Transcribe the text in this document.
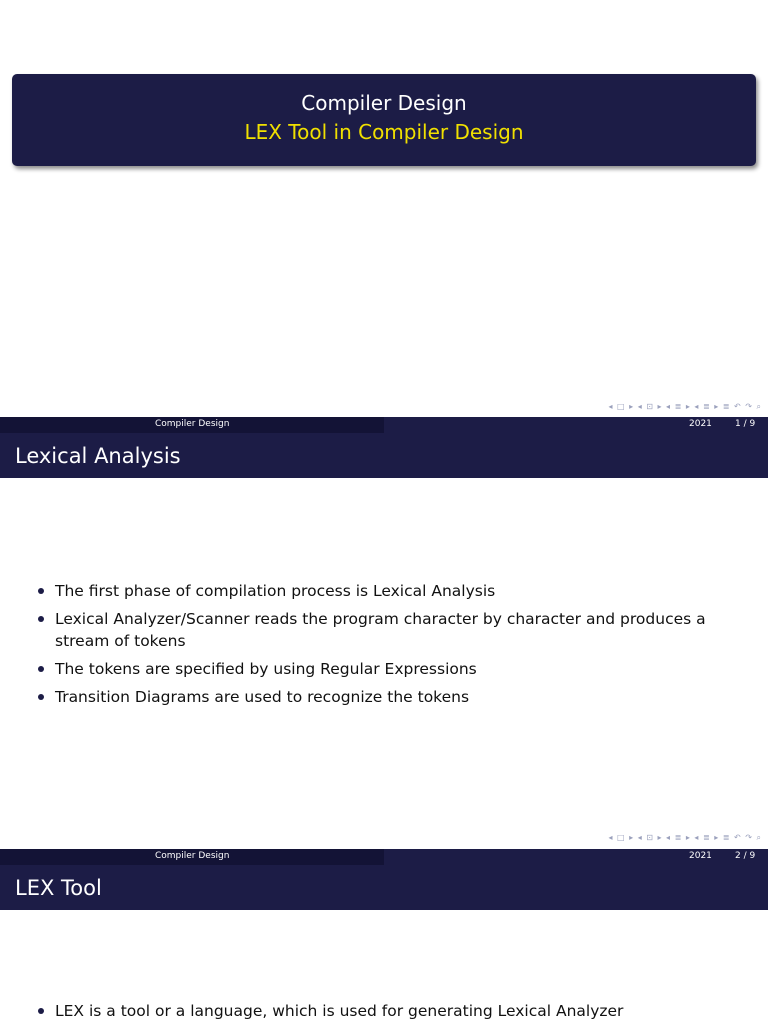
Compiler Design
LEX Tool in Compiler Design
◂ □ ▸ ◂ ⊡ ▸ ◂ ≣ ▸ ◂ ≣ ▸ ≣ ↶ ↷ ⌕
Compiler Design	2021	1 / 9
Lexical Analysis
The first phase of compilation process is Lexical Analysis
Lexical Analyzer/Scanner reads the program character by character and produces a stream of tokens
The tokens are specified by using Regular Expressions
Transition Diagrams are used to recognize the tokens
◂ □ ▸ ◂ ⊡ ▸ ◂ ≣ ▸ ◂ ≣ ▸ ≣ ↶ ↷ ⌕
Compiler Design	2021	2 / 9
LEX Tool
LEX is a tool or a language, which is used for generating Lexical Analyzer
